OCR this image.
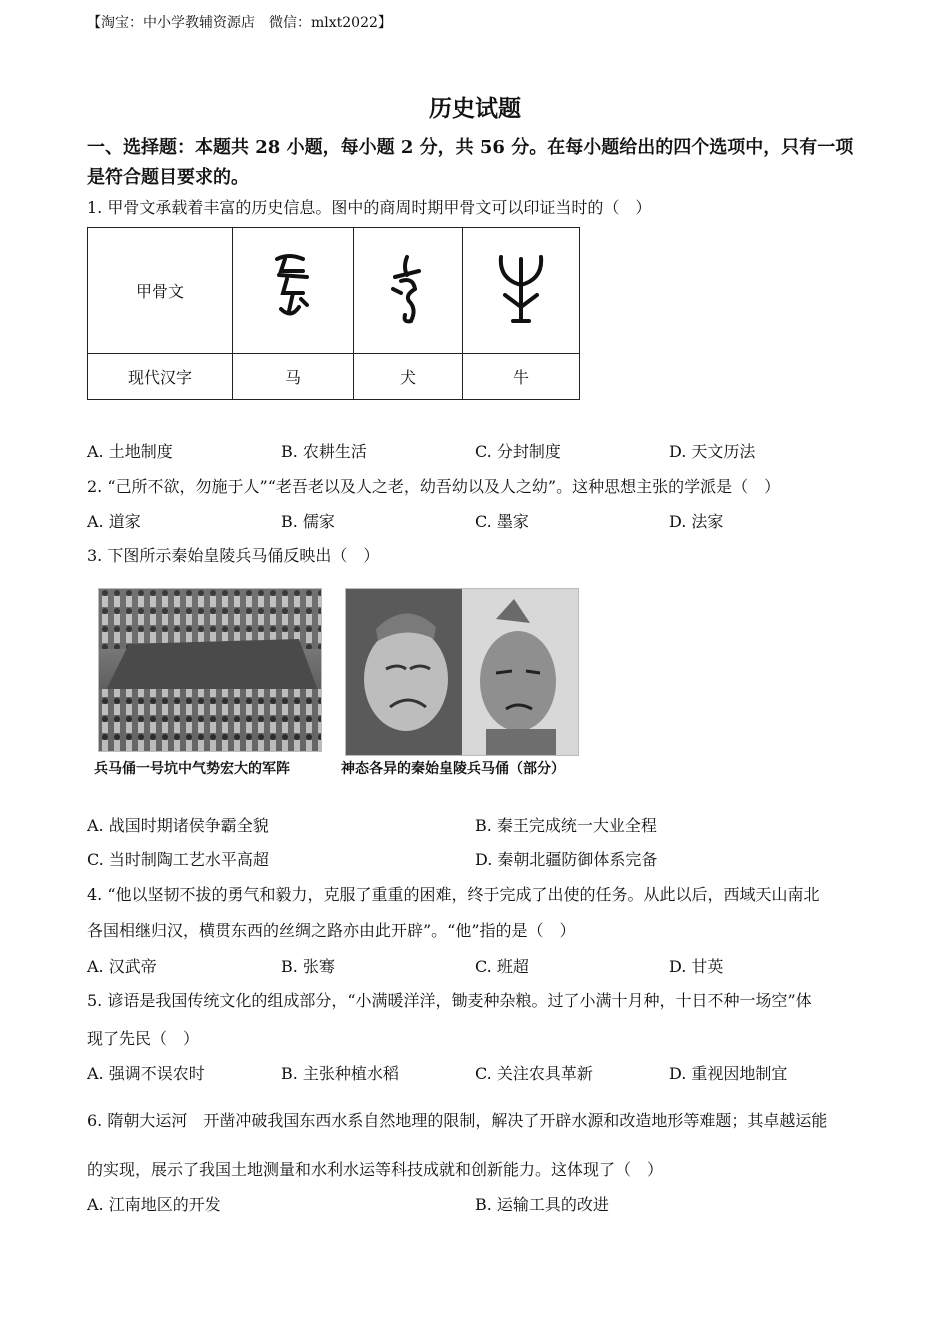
【淘宝：中小学教辅资源店　微信：mlxt2022】
历史试题
一、选择题：本题共 28 小题，每小题 2 分，共 56 分。在每小题给出的四个选项中，只有一项是符合题目要求的。
1. 甲骨文承载着丰富的历史信息。图中的商周时期甲骨文可以印证当时的（　）
甲骨文			
现代汉字	马	犬	牛
A. 土地制度	B. 农耕生活	C. 分封制度	D. 天文历法
2. “己所不欲，勿施于人”“老吾老以及人之老，幼吾幼以及人之幼”。这种思想主张的学派是（　）
A. 道家	B. 儒家	C. 墨家	D. 法家
3. 下图所示秦始皇陵兵马俑反映出（　）
兵马俑一号坑中气势宏大的军阵	神态各异的秦始皇陵兵马俑（部分）
A. 战国时期诸侯争霸全貌	B. 秦王完成统一大业全程
C. 当时制陶工艺水平高超	D. 秦朝北疆防御体系完备
4. “他以坚韧不拔的勇气和毅力，克服了重重的困难，终于完成了出使的任务。从此以后，西域天山南北
各国相继归汉，横贯东西的丝绸之路亦由此开辟”。“他”指的是（　）
A. 汉武帝	B. 张骞	C. 班超	D. 甘英
5. 谚语是我国传统文化的组成部分，“小满暖洋洋，锄麦种杂粮。过了小满十月种，十日不种一场空”体
现了先民（　）
A. 强调不误农时	B. 主张种植水稻	C. 关注农具革新	D. 重视因地制宜
6. 隋朝大运河　开凿冲破我国东西水系自然地理的限制，解决了开辟水源和改造地形等难题；其卓越运能
的实现，展示了我国土地测量和水利水运等科技成就和创新能力。这体现了（　）
A. 江南地区的开发	B. 运输工具的改进
